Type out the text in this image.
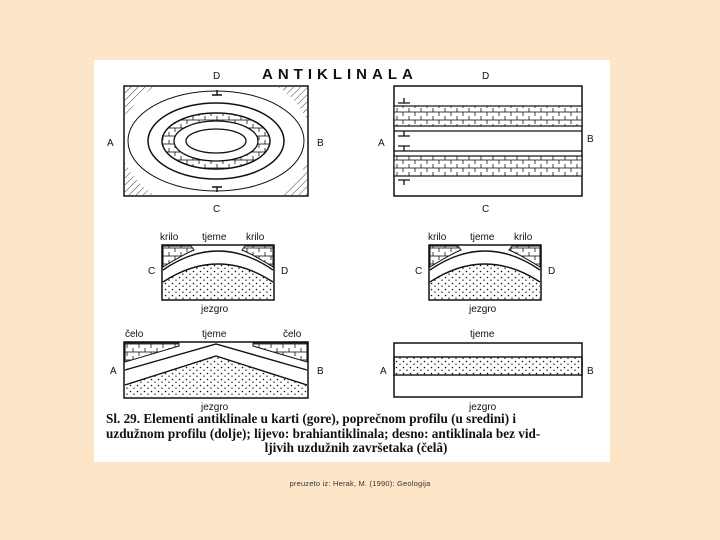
ANTIKLINALA
D
A	B
C
D
A	B
C
krilo tjeme krilo
C	D
jezgro
krilo tjeme krilo
C	D
jezgro
čelo	tjeme	čelo
A	B
jezgro
tjeme
A	B
jezgro
Sl. 29. Elementi antiklinale u karti (gore), poprečnom profilu (u sredini) i
uzdužnom profilu (dolje); lijevo: brahiantiklinala; desno: antiklinala bez vid-
ljivih uzdužnih završetaka (čelâ)
preuzeto iz: Herak, M. (1990): Geologija
